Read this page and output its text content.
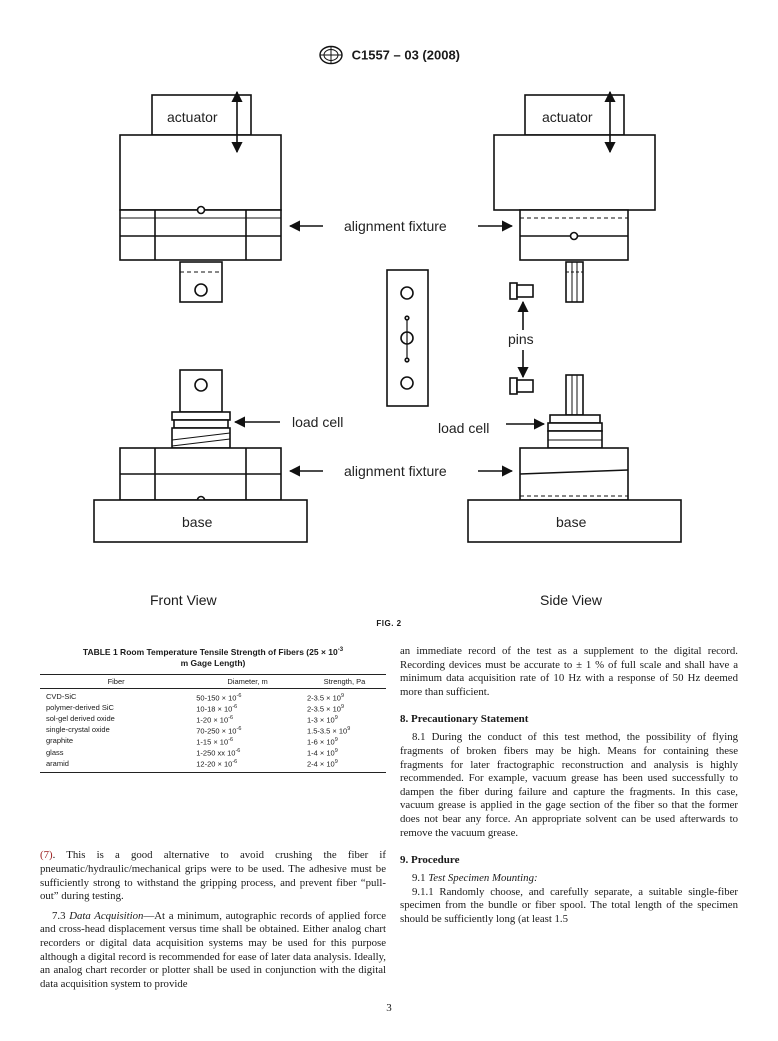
C1557 – 03 (2008)
actuator	actuator
alignment fixture
pins
load cell	load cell
alignment fixture
base	base
Front View	Side View
FIG. 2
TABLE 1 Room Temperature Tensile Strength of Fibers ($25 \times 10^{-3}$
m Gage Length)
Fiber	Diameter, m	Strength, Pa
CVD-SiC	$50-150 \times 10^{-6}$	$2-3.5 \times 10^9$
polymer-derived SiC	$10-18 \times 10^{-6}$	$2-3.5 \times 10^9$
sol-gel derived oxide	$1-20 \times 10^{-6}$	$1-3 \times 10^9$
single-crystal oxide	$70-250 \times 10^{-6}$	$1.5-3.5 \times 10^9$
graphite	$1-15 \times 10^{-6}$	$1-6 \times 10^9$
glass	1-250 xx $10^{-6}$	$1-4 \times 10^9$
aramid	$12-20 \times 10^{-6}$	$2-4 \times 10^9$

(7). This is a good alternative to avoid crushing the fiber if pneumatic/hydraulic/mechanical grips were to be used. The adhesive must be sufficiently strong to withstand the gripping process, and prevent fiber “pull-out” during testing.

7.3 Data Acquisition—At a minimum, autographic records of applied force and cross-head displacement versus time shall be obtained. Either analog chart recorders or digital data acquisition systems may be used for this purpose although a digital record is recommended for ease of later data analysis. Ideally, an analog chart recorder or plotter shall be used in conjunction with the digital data acquisition system to provide

an immediate record of the test as a supplement to the digital record. Recording devices must be accurate to ± 1 % of full scale and shall have a minimum data acquisition rate of 10 Hz with a response of 50 Hz deemed more than sufficient.

8. Precautionary Statement

8.1 During the conduct of this test method, the possibility of flying fragments of broken fibers may be high. Means for containing these fragments for later fractographic reconstruction and analysis is highly recommended. For example, vacuum grease has been used successfully to dampen the fiber during failure and capture the fragments. In this case, vacuum grease is applied in the gage section of the fiber so that the former does not bear any force. An appropriate solvent can be used afterwards to remove the vacuum grease.

9. Procedure

9.1 Test Specimen Mounting:

9.1.1 Randomly choose, and carefully separate, a suitable single-fiber specimen from the bundle or fiber spool. The total length of the specimen should be sufficiently long (at least 1.5

3
